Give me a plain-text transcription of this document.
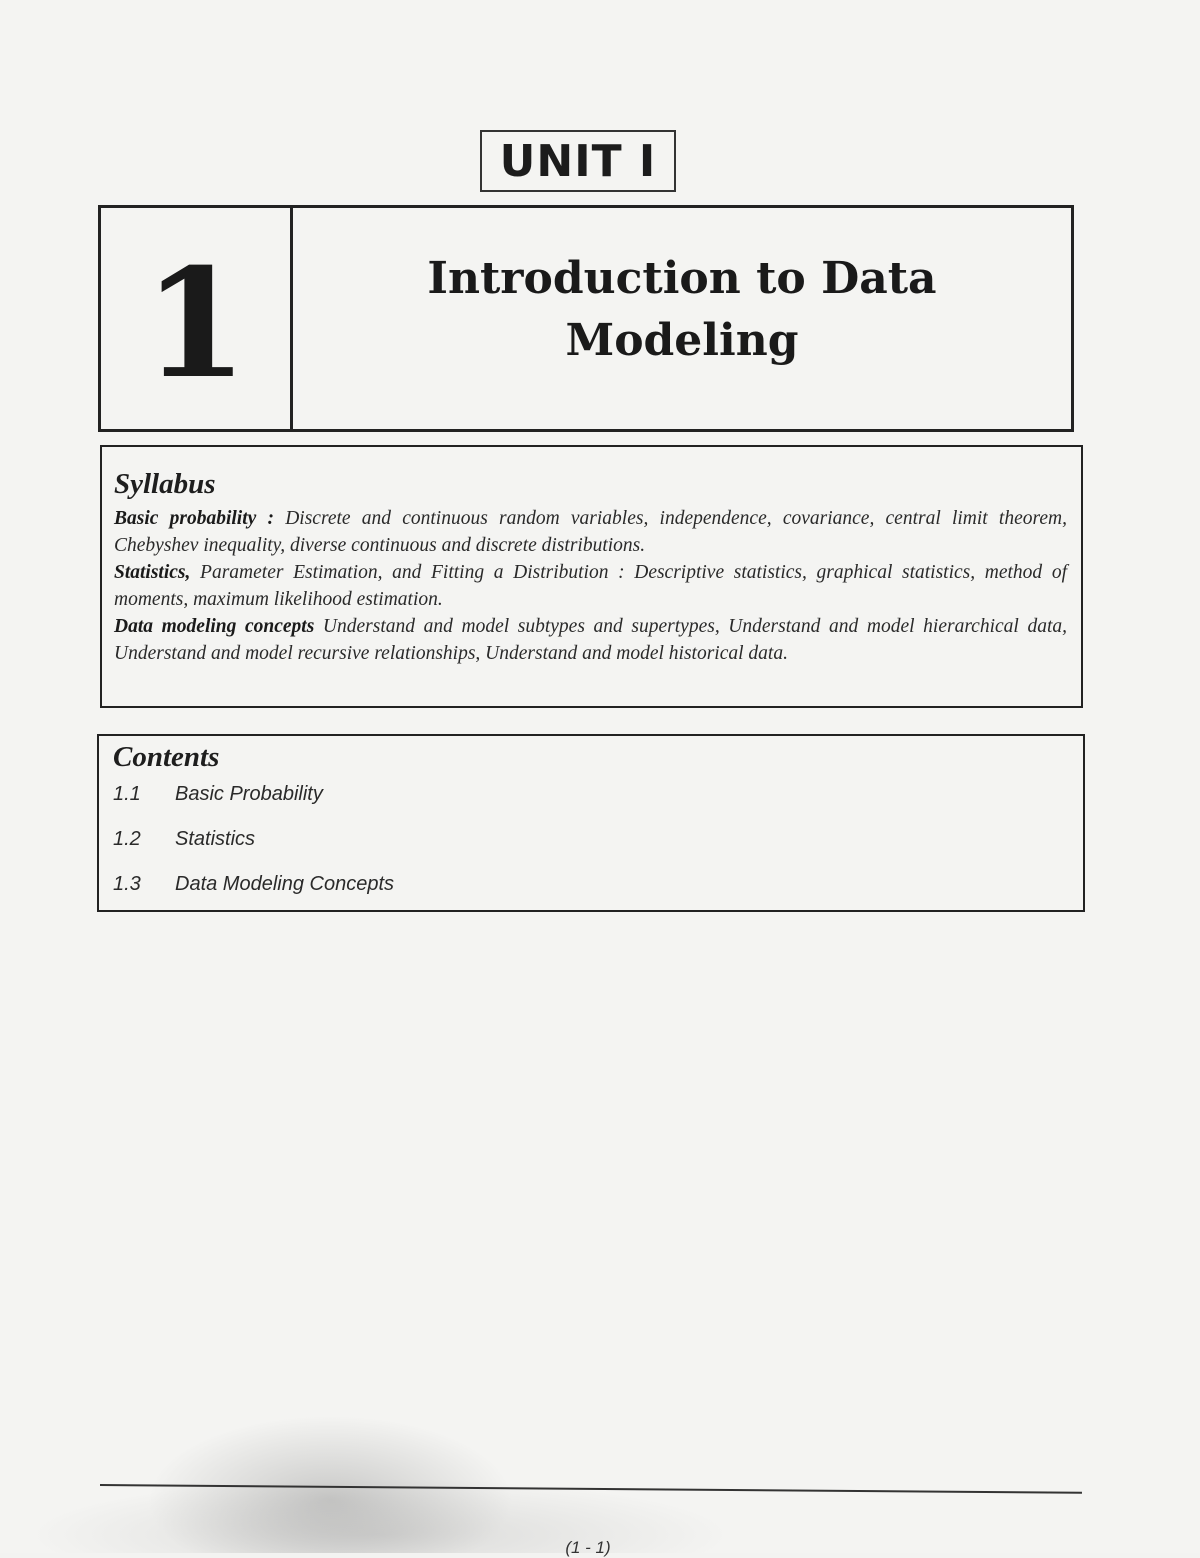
UNIT I
1	Introduction to Data
Modeling
Syllabus

Basic probability : Discrete and continuous random variables, independence, covariance, central limit theorem, Chebyshev inequality, diverse continuous and discrete distributions.

Statistics, Parameter Estimation, and Fitting a Distribution : Descriptive statistics, graphical statistics, method of moments, maximum likelihood estimation.

Data modeling concepts Understand and model subtypes and supertypes, Understand and model hierarchical data, Understand and model recursive relationships, Understand and model historical data.

Contents
1.1	Basic Probability
1.2	Statistics
1.3	Data Modeling Concepts
(1 - 1)
